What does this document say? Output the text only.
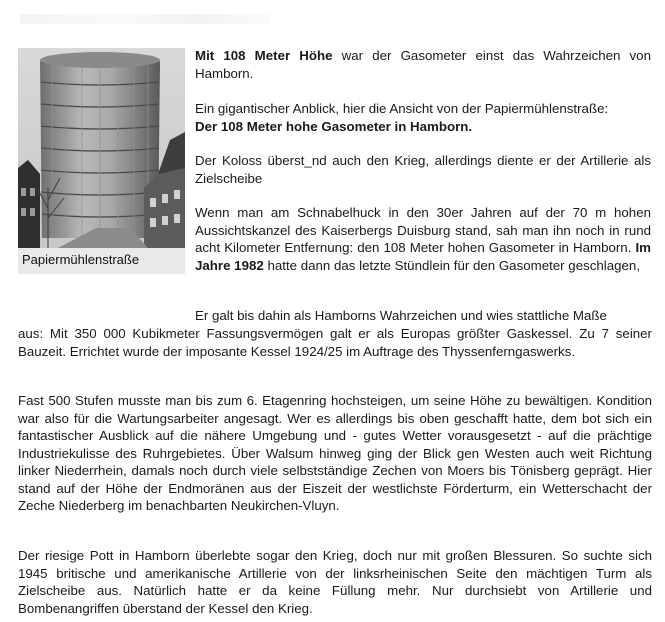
Papiermühlenstraße

Mit 108 Meter Höhe war der Gasometer einst das Wahrzeichen von Hamborn.

Ein gigantischer Anblick, hier die Ansicht von der Papiermühlenstraße:
Der 108 Meter hohe Gasometer in Hamborn.

Der Koloss überst_nd auch den Krieg, allerdings diente er der Artillerie als Zielscheibe

Wenn man am Schnabelhuck in den 30er Jahren auf der 70 m hohen Aussichtskanzel des Kaiserbergs Duisburg stand, sah man ihn noch in rund acht Kilometer Entfernung: den 108 Meter hohen Gasometer in Hamborn. Im Jahre 1982 hatte dann das letzte Stündlein für den Gasometer geschlagen,

Er galt bis dahin als Hamborns Wahrzeichen und wies stattliche Maße

aus: Mit 350 000 Kubikmeter Fassungsvermögen galt er als Europas größter Gaskessel. Zu 7 seiner Bauzeit. Errichtet wurde der imposante Kessel 1924/25 im Auftrage des Thyssenferngaswerks.

Fast 500 Stufen musste man bis zum 6. Etagenring hochsteigen, um seine Höhe zu bewältigen. Kondition war also für die Wartungsarbeiter angesagt. Wer es allerdings bis oben geschafft hatte, dem bot sich ein fantastischer Ausblick auf die nähere Umgebung und - gutes Wetter vorausgesetzt - auf die prächtige Industriekulisse des Ruhrgebietes. Über Walsum hinweg ging der Blick gen Westen auch weit Richtung linker Niederrhein, damals noch durch viele selbstständige Zechen von Moers bis Tönisberg geprägt. Hier stand auf der Höhe der Endmoränen aus der Eiszeit der westlichste Förderturm, ein Wetterschacht der Zeche Niederberg im benachbarten Neukirchen-Vluyn.

Der riesige Pott in Hamborn überlebte sogar den Krieg, doch nur mit großen Blessuren. So suchte sich 1945 britische und amerikanische Artillerie von der linksrheinischen Seite den mächtigen Turm als Zielscheibe aus. Natürlich hatte er da keine Füllung mehr. Nur durchsiebt von Artillerie und Bombenangriffen überstand der Kessel den Krieg.
